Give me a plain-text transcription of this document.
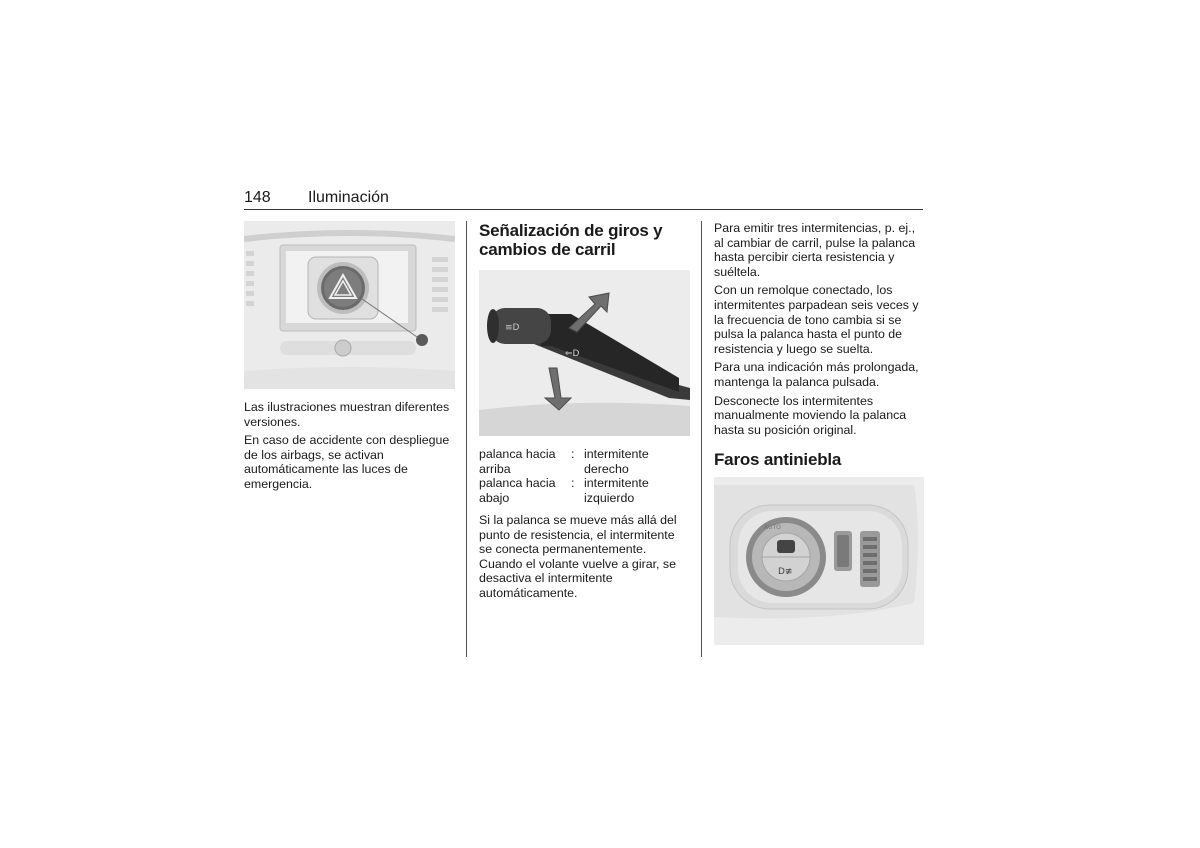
148 Iluminación

Las ilustraciones muestran diferentes versiones.

En caso de accidente con despliegue de los airbags, se activan automáticamente las luces de emergencia.

Señalización de giros y cambios de carril

≡D
⇐D
palanca hacia arriba	:	intermitente derecho
palanca hacia abajo	:	intermitente izquierdo

Si la palanca se mueve más allá del punto de resistencia, el intermitente se conecta permanentemente. Cuando el volante vuelve a girar, se desactiva el intermitente automáticamente.

Para emitir tres intermitencias, p. ej., al cambiar de carril, pulse la palanca hasta percibir cierta resistencia y suéltela.

Con un remolque conectado, los intermitentes parpadean seis veces y la frecuencia de tono cambia si se pulsa la palanca hasta el punto de resistencia y luego se suelta.

Para una indicación más prolongada, mantenga la palanca pulsada.

Desconecte los intermitentes manualmente moviendo la palanca hasta su posición original.

Faros antiniebla

D≢
AUTO
